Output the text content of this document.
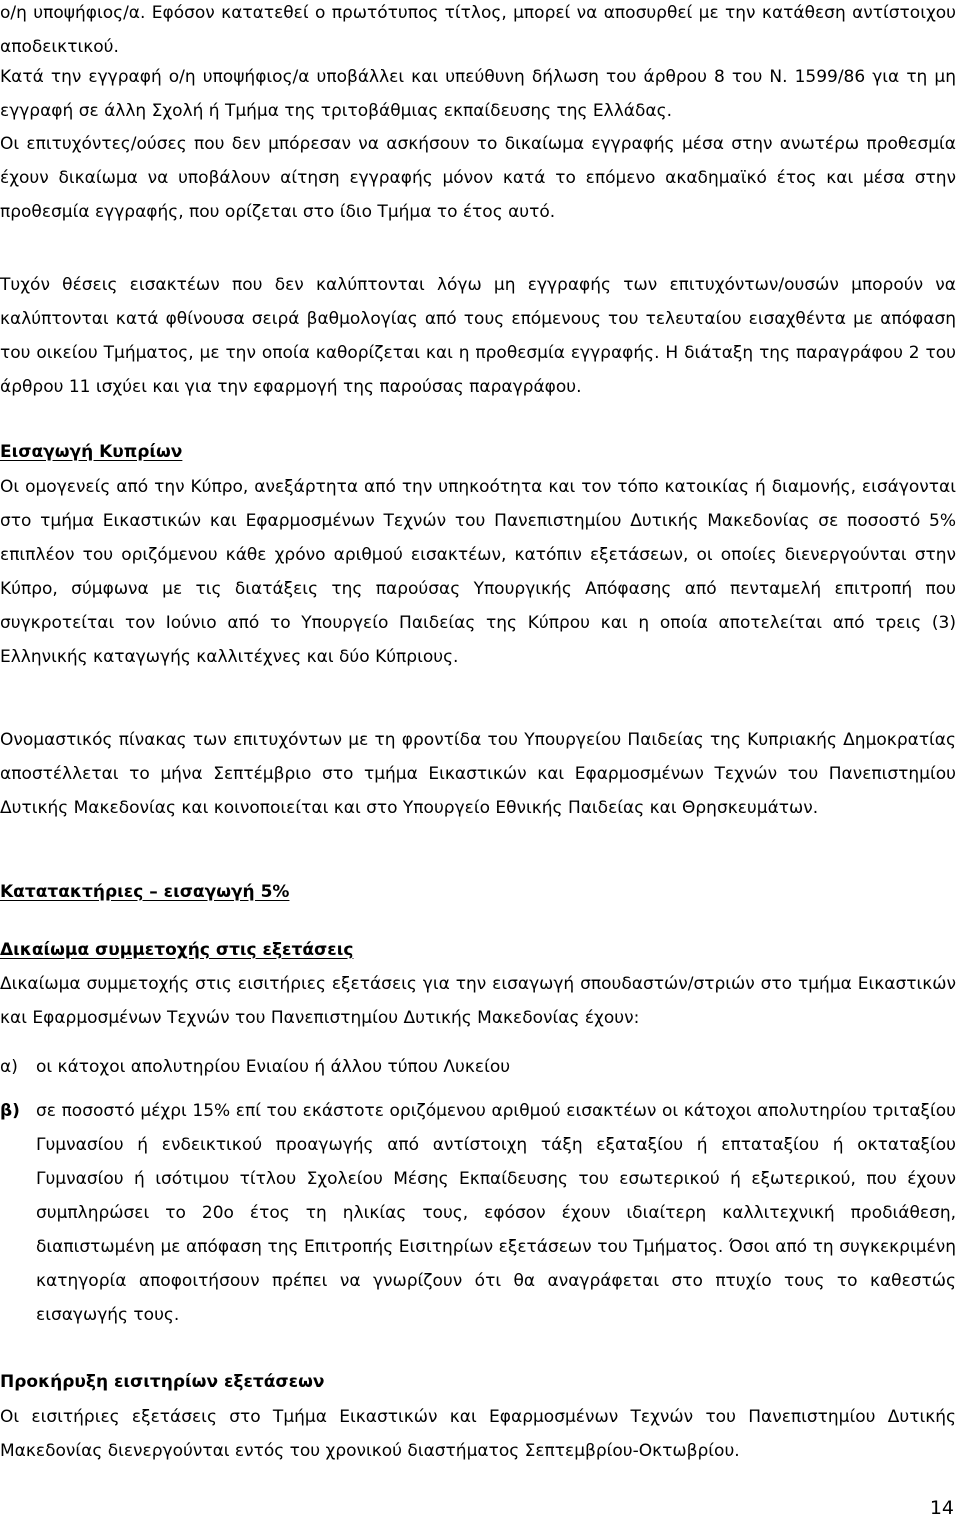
ο/η υποψήφιος/α. Εφόσον κατατεθεί ο πρωτότυπος τίτλος, μπορεί να αποσυρθεί με την κατάθεση αντίστοιχου αποδεικτικού.

Κατά την εγγραφή ο/η υποψήφιος/α υποβάλλει και υπεύθυνη δήλωση του άρθρου 8 του Ν. 1599/86 για τη μη εγγραφή σε άλλη Σχολή ή Τμήμα της τριτοβάθμιας εκπαίδευσης της Ελλάδας.

Οι επιτυχόντες/ούσες που δεν μπόρεσαν να ασκήσουν το δικαίωμα εγγραφής μέσα στην ανωτέρω προθεσμία έχουν δικαίωμα να υποβάλουν αίτηση εγγραφής μόνον κατά το επόμενο ακαδημαϊκό έτος και μέσα στην προθεσμία εγγραφής, που ορίζεται στο ίδιο Τμήμα το έτος αυτό.

Τυχόν θέσεις εισακτέων που δεν καλύπτονται λόγω μη εγγραφής των επιτυχόντων/ουσών μπορούν να καλύπτονται κατά φθίνουσα σειρά βαθμολογίας από τους επόμενους του τελευταίου εισαχθέντα με απόφαση του οικείου Τμήματος, με την οποία καθορίζεται και η προθεσμία εγγραφής. Η διάταξη της παραγράφου 2 του άρθρου 11 ισχύει και για την εφαρμογή της παρούσας παραγράφου.

Εισαγωγή Κυπρίων

Οι ομογενείς από την Κύπρο, ανεξάρτητα από την υπηκοότητα και τον τόπο κατοικίας ή διαμονής, εισάγονται στο τμήμα Εικαστικών και Εφαρμοσμένων Τεχνών του Πανεπιστημίου Δυτικής Μακεδονίας σε ποσοστό 5% επιπλέον του οριζόμενου κάθε χρόνο αριθμού εισακτέων, κατόπιν εξετάσεων, οι οποίες διενεργούνται στην Κύπρο, σύμφωνα με τις διατάξεις της παρούσας Υπουργικής Απόφασης από πενταμελή επιτροπή που συγκροτείται τον Ιούνιο από το Υπουργείο Παιδείας της Κύπρου και η οποία αποτελείται από τρεις (3) Ελληνικής καταγωγής καλλιτέχνες και δύο Κύπριους.

Ονομαστικός πίνακας των επιτυχόντων με τη φροντίδα του Υπουργείου Παιδείας της Κυπριακής Δημοκρατίας αποστέλλεται το μήνα Σεπτέμβριο στο τμήμα Εικαστικών και Εφαρμοσμένων Τεχνών του Πανεπιστημίου Δυτικής Μακεδονίας και κοινοποιείται και στο Υπουργείο Εθνικής Παιδείας και Θρησκευμάτων.

Κατατακτήριες – εισαγωγή 5%
Δικαίωμα συμμετοχής στις εξετάσεις

Δικαίωμα συμμετοχής στις εισιτήριες εξετάσεις για την εισαγωγή σπουδαστών/στριών στο τμήμα Εικαστικών και Εφαρμοσμένων Τεχνών του Πανεπιστημίου Δυτικής Μακεδονίας έχουν:

α) οι κάτοχοι απολυτηρίου Ενιαίου ή άλλου τύπου Λυκείου

β) σε ποσοστό μέχρι 15% επί του εκάστοτε οριζόμενου αριθμού εισακτέων οι κάτοχοι απολυτηρίου τριταξίου Γυμνασίου ή ενδεικτικού προαγωγής από αντίστοιχη τάξη εξαταξίου ή επταταξίου ή οκταταξίου Γυμνασίου ή ισότιμου τίτλου Σχολείου Μέσης Εκπαίδευσης του εσωτερικού ή εξωτερικού, που έχουν συμπληρώσει το 20ο έτος τη ηλικίας τους, εφόσον έχουν ιδιαίτερη καλλιτεχνική προδιάθεση, διαπιστωμένη με απόφαση της Επιτροπής Εισιτηρίων εξετάσεων του Τμήματος. Όσοι από τη συγκεκριμένη κατηγορία αποφοιτήσουν πρέπει να γνωρίζουν ότι θα αναγράφεται στο πτυχίο τους το καθεστώς εισαγωγής τους.

Προκήρυξη εισιτηρίων εξετάσεων

Οι εισιτήριες εξετάσεις στο Τμήμα Εικαστικών και Εφαρμοσμένων Τεχνών του Πανεπιστημίου Δυτικής Μακεδονίας διενεργούνται εντός του χρονικού διαστήματος Σεπτεμβρίου-Οκτωβρίου.

14
